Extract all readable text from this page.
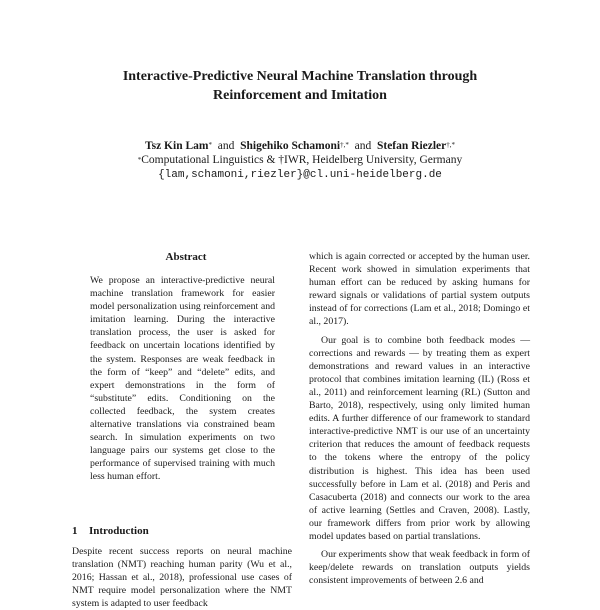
Interactive-Predictive Neural Machine Translation through
Reinforcement and Imitation
Tsz Kin Lam* and Shigehiko Schamoni†,* and Stefan Riezler†,*
*Computational Linguistics & †IWR, Heidelberg University, Germany
{lam,schamoni,riezler}@cl.uni-heidelberg.de
Abstract

We propose an interactive-predictive neural machine translation framework for easier model personalization using reinforcement and imitation learning. During the interactive translation process, the user is asked for feedback on uncertain locations identified by the system. Responses are weak feedback in the form of “keep” and “delete” edits, and expert demonstrations in the form of “substitute” edits. Conditioning on the collected feedback, the system creates alternative translations via constrained beam search. In simulation experiments on two language pairs our systems get close to the performance of supervised training with much less human effort.

1 Introduction

Despite recent success reports on neural machine translation (NMT) reaching human parity (Wu et al., 2016; Hassan et al., 2018), professional use cases of NMT require model personalization where the NMT system is adapted to user feedback

which is again corrected or accepted by the human user. Recent work showed in simulation experiments that human effort can be reduced by asking humans for reward signals or validations of partial system outputs instead of for corrections (Lam et al., 2018; Domingo et al., 2017).

Our goal is to combine both feedback modes — corrections and rewards — by treating them as expert demonstrations and reward values in an interactive protocol that combines imitation learning (IL) (Ross et al., 2011) and reinforcement learning (RL) (Sutton and Barto, 2018), respectively, using only limited human edits. A further difference of our framework to standard interactive-predictive NMT is our use of an uncertainty criterion that reduces the amount of feedback requests to the tokens where the entropy of the policy distribution is highest. This idea has been used successfully before in Lam et al. (2018) and Peris and Casacuberta (2018) and connects our work to the area of active learning (Settles and Craven, 2008). Lastly, our framework differs from prior work by allowing model updates based on partial translations.

Our experiments show that weak feedback in form of keep/delete rewards on translation outputs yields consistent improvements of between 2.6 and
